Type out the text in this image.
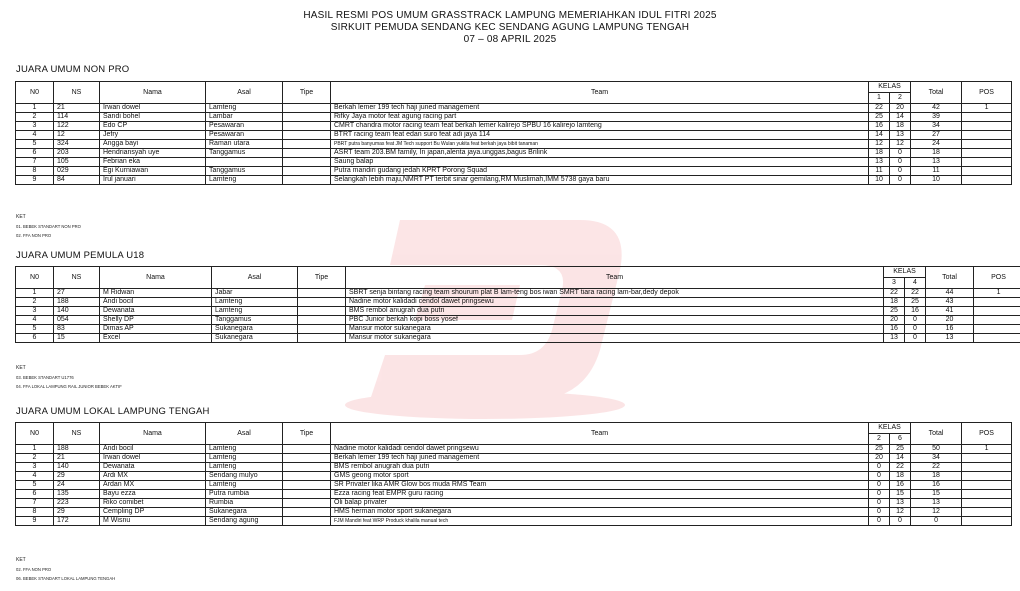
HASIL RESMI POS UMUM GRASSTRACK LAMPUNG MEMERIAHKAN IDUL FITRI 2025
SIRKUIT PEMUDA SENDANG KEC SENDANG AGUNG LAMPUNG TENGAH
07 – 08 APRIL 2025
JUARA UMUM NON PRO
N0	NS	Nama	Asal	Tipe	Team	KELAS		Total	POS
						1	2		
1	21	Irwan dowel	Lamteng		Berkah lemer 199 tech haji juned management	22	20	42	1
2	114	Sandi bohel	Lambar		Rifky Jaya motor feat agung racing part	25	14	39	
3	122	Edo CP	Pesawaran		CMRT chandra motor racing team feat berkah lemer kalirejo SPBU 16 kalirejo lamteng	16	18	34	
4	12	Jefry	Pesawaran		BTRT racing team feat edan suro feat adi jaya 114	14	13	27	
5	324	Angga bayi	Raman utara		PBRT putra banyumas feat JM Tech support Bu Wulan yukita feat berkah jaya bibit tanaman	12	12	24	
6	203	Hendriansyah uye	Tanggamus		ASRT team 203.BM family, In japan,alenta jaya.unggas,bagus Brilink	18	0	18	
7	105	Febrian eka			Saung balap	13	0	13	
8	029	Egi Kurniawan	Tanggamus		Putra mandiri gudang jedah KPRT Porong Squad	11	0	11	
9	84	Irul januari	Lamteng		Selangkah lebih maju,NMRT PT terbit sinar gemilang,RM Muslimah,IMM 5738 gaya baru	10	0	10	
KET
01. BEBEK STANDART NON PRO
02. FFA NON PRO
JUARA UMUM PEMULA U18
N0	NS	Nama	Asal	Tipe	Team	KELAS		Total	POS
						3	4		
1	27	M Ridwan	Jabar		SBRT senja bintang racing team shourum plat B lam-teng bos iwan SMRT tiara racing lam-bar,dedy depok	22	22	44	1
2	188	Andi bocil	Lamteng		Nadine motor kalidadi cendol dawet pringsewu	18	25	43	
3	140	Dewanata	Lamteng		BMS rembol anugrah dua putri	25	16	41	
4	054	Shelly DP	Tanggamus		PBC Junior berkah kopi boss yosef	20	0	20	
5	83	Dimas AP	Sukanegara		Mansur motor sukanegara	16	0	16	
6	15	Excel	Sukanegara		Mansur motor sukanegara	13	0	13	
KET
03. BEBEK STANDART U1776
04. FFA LOKAL LAMPUNG RAIL JUNIOR BEBEK AKTIF
JUARA UMUM LOKAL LAMPUNG TENGAH
N0	NS	Nama	Asal	Tipe	Team	KELAS		Total	POS
						2	6		
1	188	Andi bocil	Lamteng		Nadine motor kalidadi cendol dawet pringsewu	25	25	50	1
2	21	Irwan dowel	Lamteng		Berkah lemer 199 tech haji juned management	20	14	34	
3	140	Dewanata	Lamteng		BMS rembol anugrah dua putri	0	22	22	
4	29	Ardi MX	Sendang mulyo		GMS geong motor sport	0	18	18	
5	24	Ardan MX	Lamteng		SR Privater lika AMR Glow bos muda RMS Team	0	16	16	
6	135	Bayu ezza	Putra rumbia		Ezza racing feat EMPR guru racing	0	15	15	
7	223	Riko comibet	Rumbia		Oli balap privater	0	13	13	
8	29	Cempling DP	Sukanegara		HMS herman motor sport sukanegara	0	12	12	
9	172	M Wisnu	Sendang agung		FJM Mandiri feat WRP Produck khalila manual tech	0	0	0	
KET
02. FFA NON PRO
06. BEBEK STANDART LOKAL LAMPUNG TENGAH
